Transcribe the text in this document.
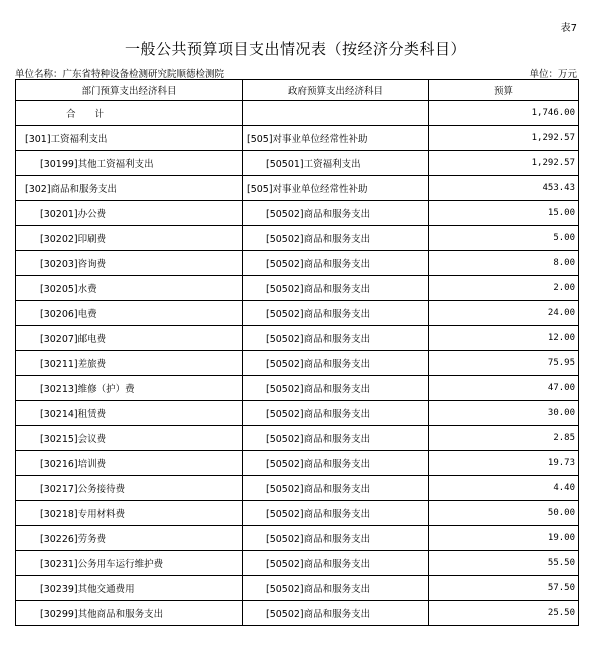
表7
一般公共预算项目支出情况表（按经济分类科目）
单位名称：广东省特种设备检测研究院顺德检测院	单位：万元
部门预算支出经济科目	政府预算支出经济科目	预算
合　　计		1,746.00
[301]工资福利支出	[505]对事业单位经常性补助	1,292.57
[30199]其他工资福利支出	[50501]工资福利支出	1,292.57
[302]商品和服务支出	[505]对事业单位经常性补助	453.43
[30201]办公费	[50502]商品和服务支出	15.00
[30202]印刷费	[50502]商品和服务支出	5.00
[30203]咨询费	[50502]商品和服务支出	8.00
[30205]水费	[50502]商品和服务支出	2.00
[30206]电费	[50502]商品和服务支出	24.00
[30207]邮电费	[50502]商品和服务支出	12.00
[30211]差旅费	[50502]商品和服务支出	75.95
[30213]维修（护）费	[50502]商品和服务支出	47.00
[30214]租赁费	[50502]商品和服务支出	30.00
[30215]会议费	[50502]商品和服务支出	2.85
[30216]培训费	[50502]商品和服务支出	19.73
[30217]公务接待费	[50502]商品和服务支出	4.40
[30218]专用材料费	[50502]商品和服务支出	50.00
[30226]劳务费	[50502]商品和服务支出	19.00
[30231]公务用车运行维护费	[50502]商品和服务支出	55.50
[30239]其他交通费用	[50502]商品和服务支出	57.50
[30299]其他商品和服务支出	[50502]商品和服务支出	25.50
